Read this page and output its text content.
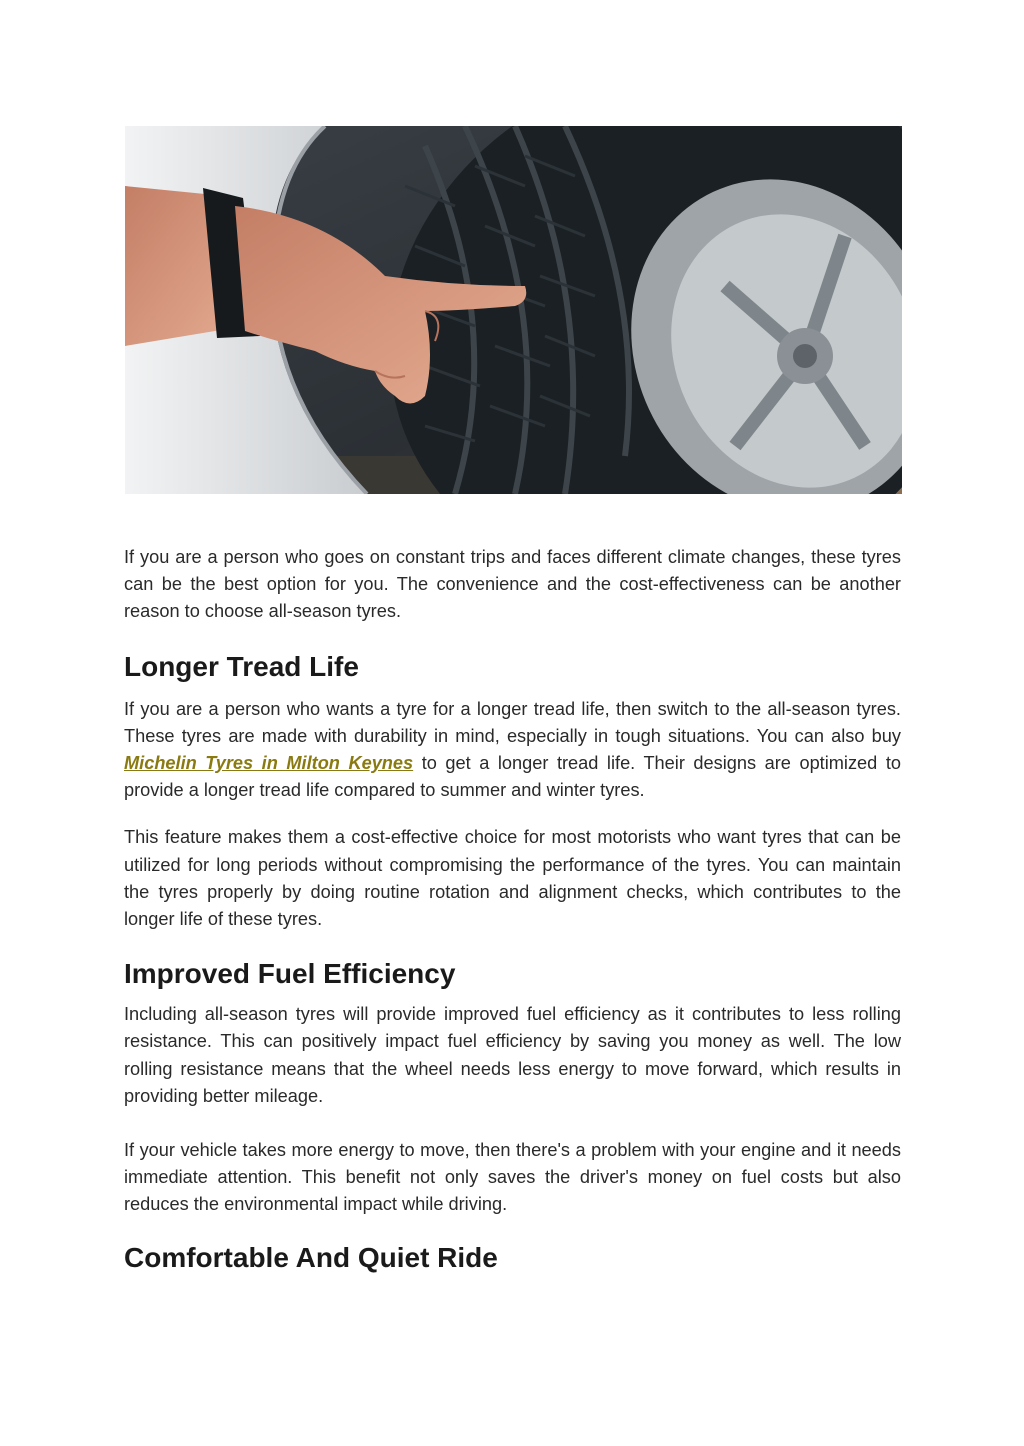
If you are a person who goes on constant trips and faces different climate changes, these tyres can be the best option for you. The convenience and the cost-effectiveness can be another reason to choose all-season tyres.

Longer Tread Life

If you are a person who wants a tyre for a longer tread life, then switch to the all-season tyres. These tyres are made with durability in mind, especially in tough situations. You can also buy Michelin Tyres in Milton Keynes to get a longer tread life. Their designs are optimized to provide a longer tread life compared to summer and winter tyres.

This feature makes them a cost-effective choice for most motorists who want tyres that can be utilized for long periods without compromising the performance of the tyres. You can maintain the tyres properly by doing routine rotation and alignment checks, which contributes to the longer life of these tyres.

Improved Fuel Efficiency

Including all-season tyres will provide improved fuel efficiency as it contributes to less rolling resistance. This can positively impact fuel efficiency by saving you money as well. The low rolling resistance means that the wheel needs less energy to move forward, which results in providing better mileage.

If your vehicle takes more energy to move, then there's a problem with your engine and it needs immediate attention. This benefit not only saves the driver's money on fuel costs but also reduces the environmental impact while driving.

Comfortable And Quiet Ride
